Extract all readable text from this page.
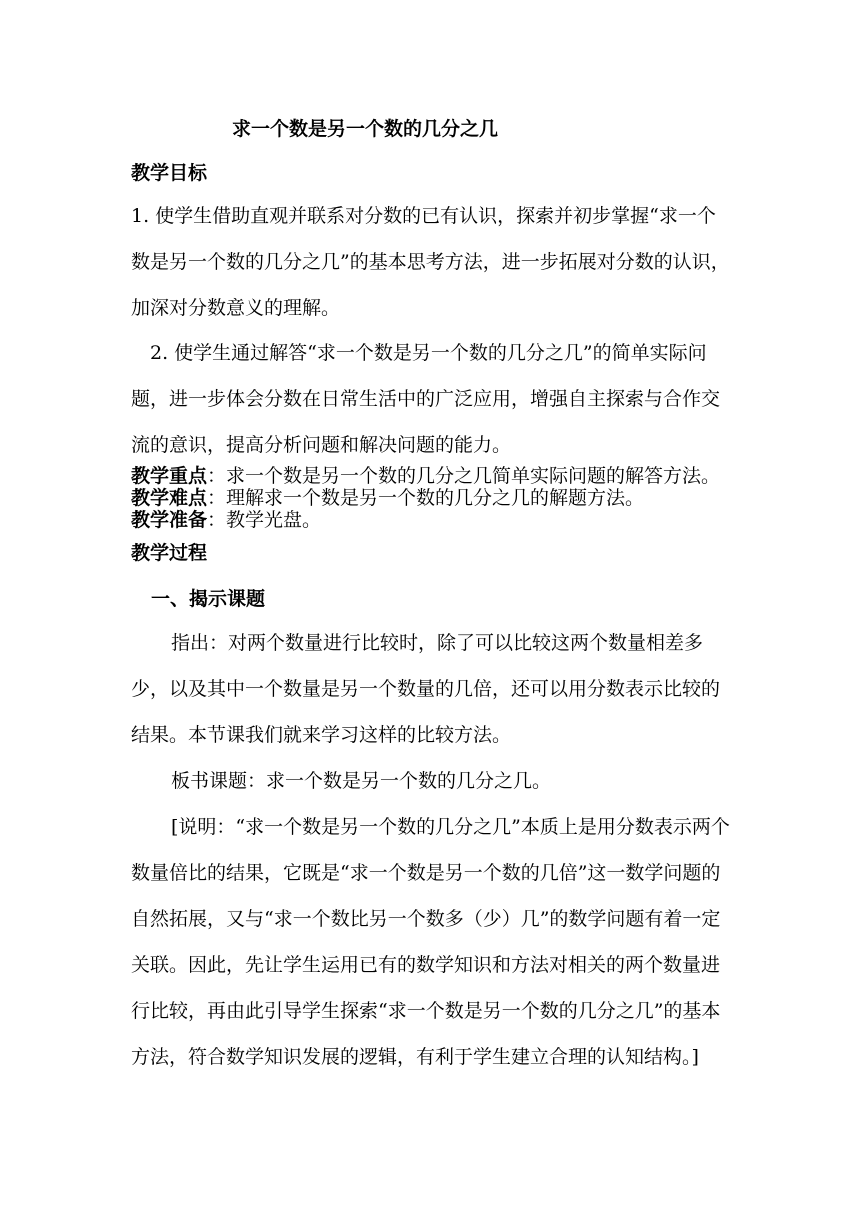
求一个数是另一个数的几分之几
教学目标
1. 使学生借助直观并联系对分数的已有认识，探索并初步掌握“求一个数是另一个数的几分之几”的基本思考方法，进一步拓展对分数的认识，加深对分数意义的理解。
2. 使学生通过解答“求一个数是另一个数的几分之几”的简单实际问题，进一步体会分数在日常生活中的广泛应用，增强自主探索与合作交流的意识，提高分析问题和解决问题的能力。
教学重点：求一个数是另一个数的几分之几简单实际问题的解答方法。
教学难点：理解求一个数是另一个数的几分之几的解题方法。
教学准备：教学光盘。
教学过程
一、揭示课题
指出：对两个数量进行比较时，除了可以比较这两个数量相差多少，以及其中一个数量是另一个数量的几倍，还可以用分数表示比较的结果。本节课我们就来学习这样的比较方法。
板书课题：求一个数是另一个数的几分之几。
[说明：“求一个数是另一个数的几分之几”本质上是用分数表示两个数量倍比的结果，它既是“求一个数是另一个数的几倍”这一数学问题的自然拓展，又与“求一个数比另一个数多（少）几”的数学问题有着一定关联。因此，先让学生运用已有的数学知识和方法对相关的两个数量进行比较，再由此引导学生探索“求一个数是另一个数的几分之几”的基本方法，符合数学知识发展的逻辑，有利于学生建立合理的认知结构。]
